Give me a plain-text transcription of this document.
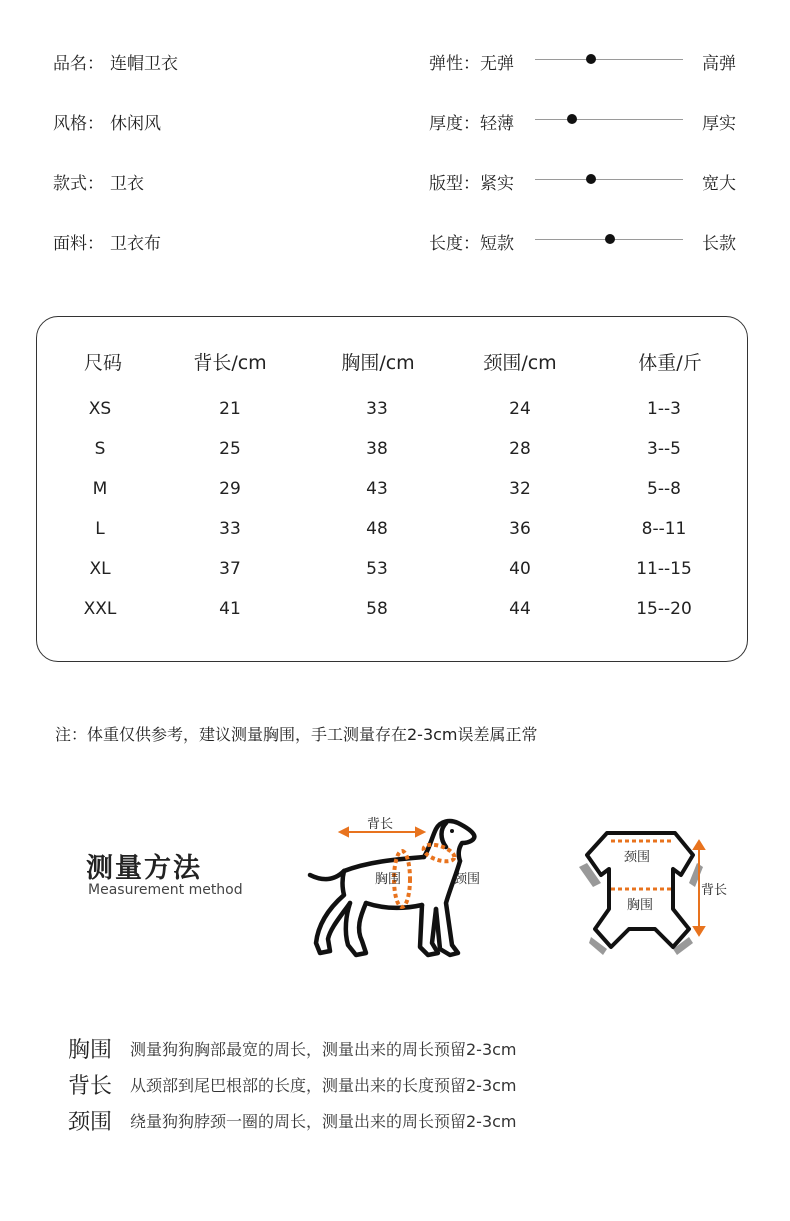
品名： 连帽卫衣
风格： 休闲风
款式： 卫衣
面料： 卫衣布
弹性：无弹	高弹
厚度：轻薄	厚实
版型：紧实	宽大
长度：短款	长款
尺码	背长/cm	胸围/cm	颈围/cm	体重/斤
XS	21	33	24	1--3
S	25	38	28	3--5
M	29	43	32	5--8
L	33	48	36	8--11
XL	37	53	40	11--15
XXL	41	58	44	15--20
注：体重仅供参考，建议测量胸围，手工测量存在2-3cm误差属正常
测量方法
Measurement method
背长
胸围	颈围
颈围
胸围
背长
胸围 测量狗狗胸部最宽的周长，测量出来的周长预留2-3cm
背长 从颈部到尾巴根部的长度，测量出来的长度预留2-3cm
颈围 绕量狗狗脖颈一圈的周长，测量出来的周长预留2-3cm
